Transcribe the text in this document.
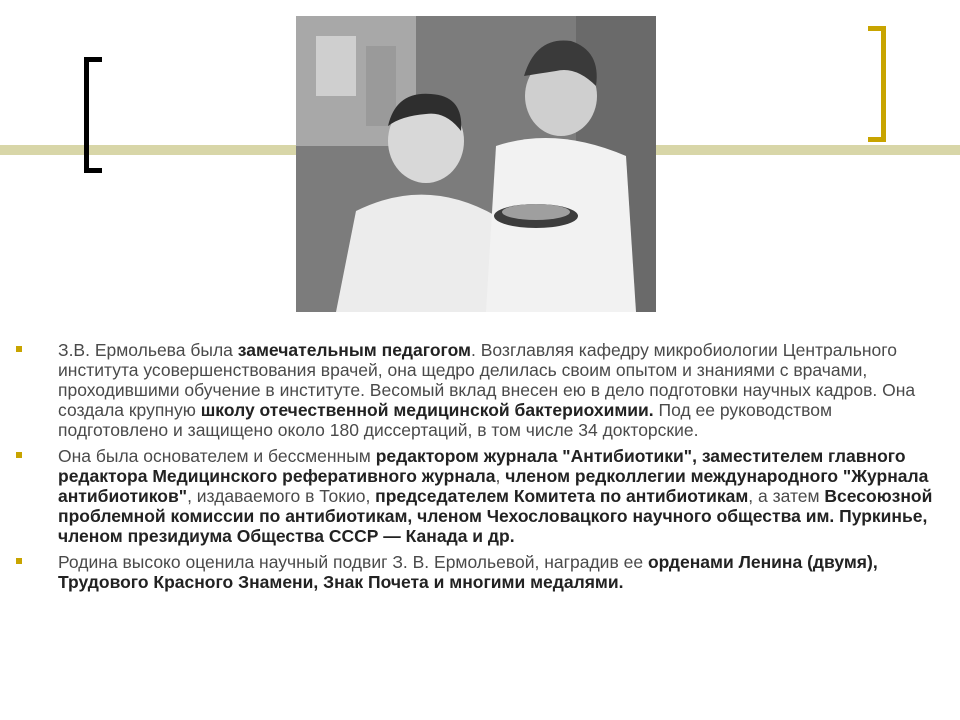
З.В. Ермольева была замечательным педагогом. Возглавляя кафедру микробиологии Центрального института усовершенствования врачей, она щедро делилась своим опытом и знаниями с врачами, проходившими обучение в институте. Весомый вклад внесен ею в дело подготовки научных кадров. Она создала крупную школу отечественной медицинской бактериохимии. Под ее руководством подготовлено и защищено около 180 диссертаций, в том числе 34 докторские.
Она была основателем и бессменным редактором журнала "Антибиотики", заместителем главного редактора Медицинского реферативного журнала, членом редколлегии международного "Журнала антибиотиков", издаваемого в Токио, председателем Комитета по антибиотикам, а затем Всесоюзной проблемной комиссии по антибиотикам, членом Чехословацкого научного общества им. Пуркинье, членом президиума Общества СССР — Канада и др.
Родина высоко оценила научный подвиг З. В. Ермольевой, наградив ее орденами Ленина (двумя), Трудового Красного Знамени, Знак Почета и многими медалями.
